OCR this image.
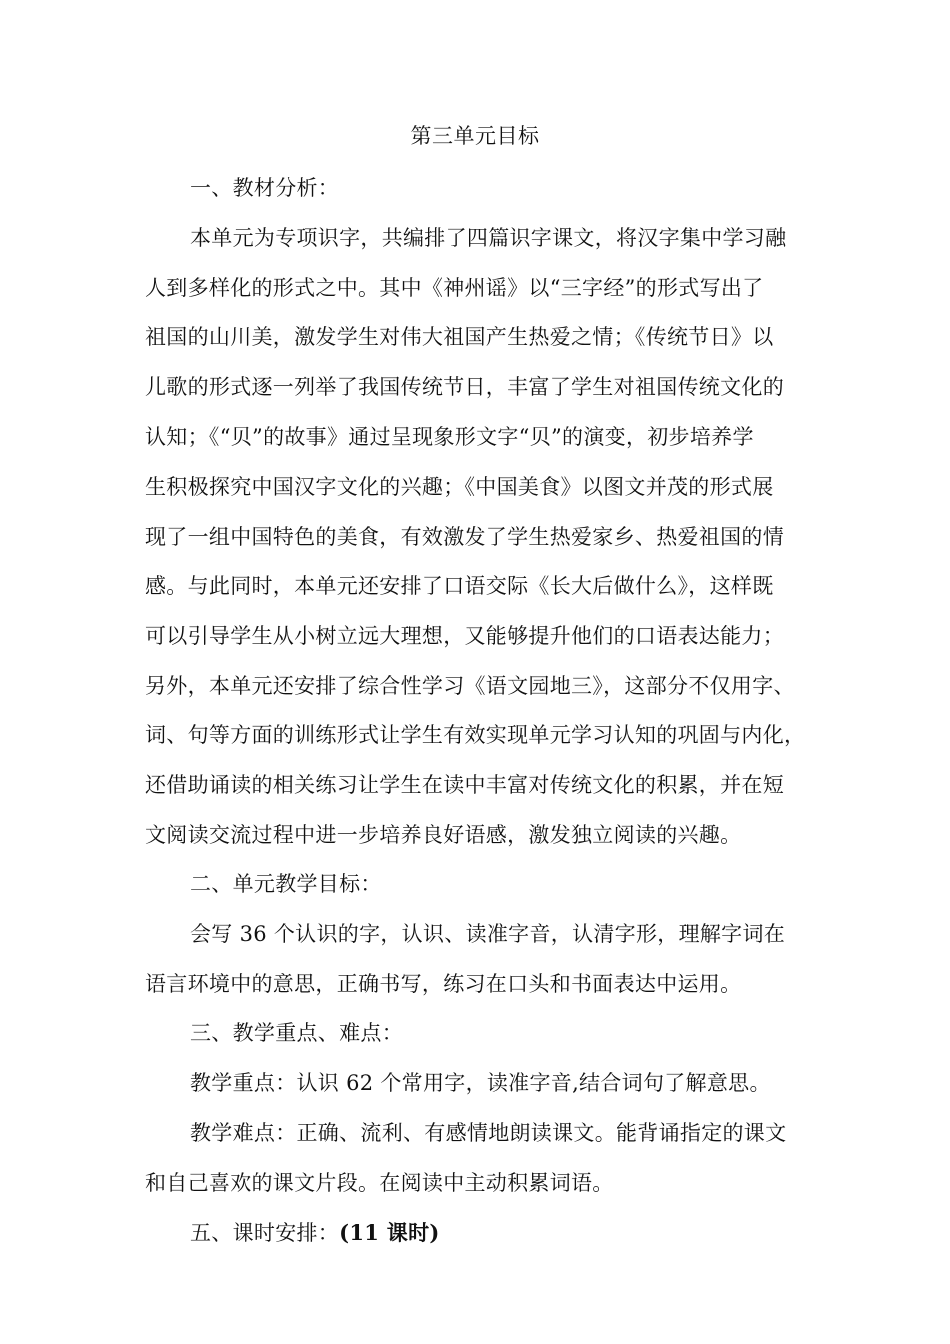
第三单元目标
一、教材分析：
本单元为专项识字，共编排了四篇识字课文，将汉字集中学习融
人到多样化的形式之中。其中《神州谣》以“三字经”的形式写出了
祖国的山川美，激发学生对伟大祖国产生热爱之情；《传统节日》以
儿歌的形式逐一列举了我国传统节日，丰富了学生对祖国传统文化的
认知；《“贝”的故事》通过呈现象形文字“贝”的演变，初步培养学
生积极探究中国汉字文化的兴趣；《中国美食》以图文并茂的形式展
现了一组中国特色的美食，有效激发了学生热爱家乡、热爱祖国的情
感。与此同时，本单元还安排了口语交际《长大后做什么》，这样既
可以引导学生从小树立远大理想，又能够提升他们的口语表达能力；
另外，本单元还安排了综合性学习《语文园地三》，这部分不仅用字、
词、句等方面的训练形式让学生有效实现单元学习认知的巩固与内化，
还借助诵读的相关练习让学生在读中丰富对传统文化的积累，并在短
文阅读交流过程中进一步培养良好语感，激发独立阅读的兴趣。
二、单元教学目标：
会写 36 个认识的字，认识、读准字音，认清字形，理解字词在
语言环境中的意思，正确书写，练习在口头和书面表达中运用。
三、教学重点、难点：
教学重点：认识 62 个常用字，读准字音,结合词句了解意思。
教学难点：正确、流利、有感情地朗读课文。能背诵指定的课文
和自己喜欢的课文片段。在阅读中主动积累词语。
五、课时安排：(11 课时)
